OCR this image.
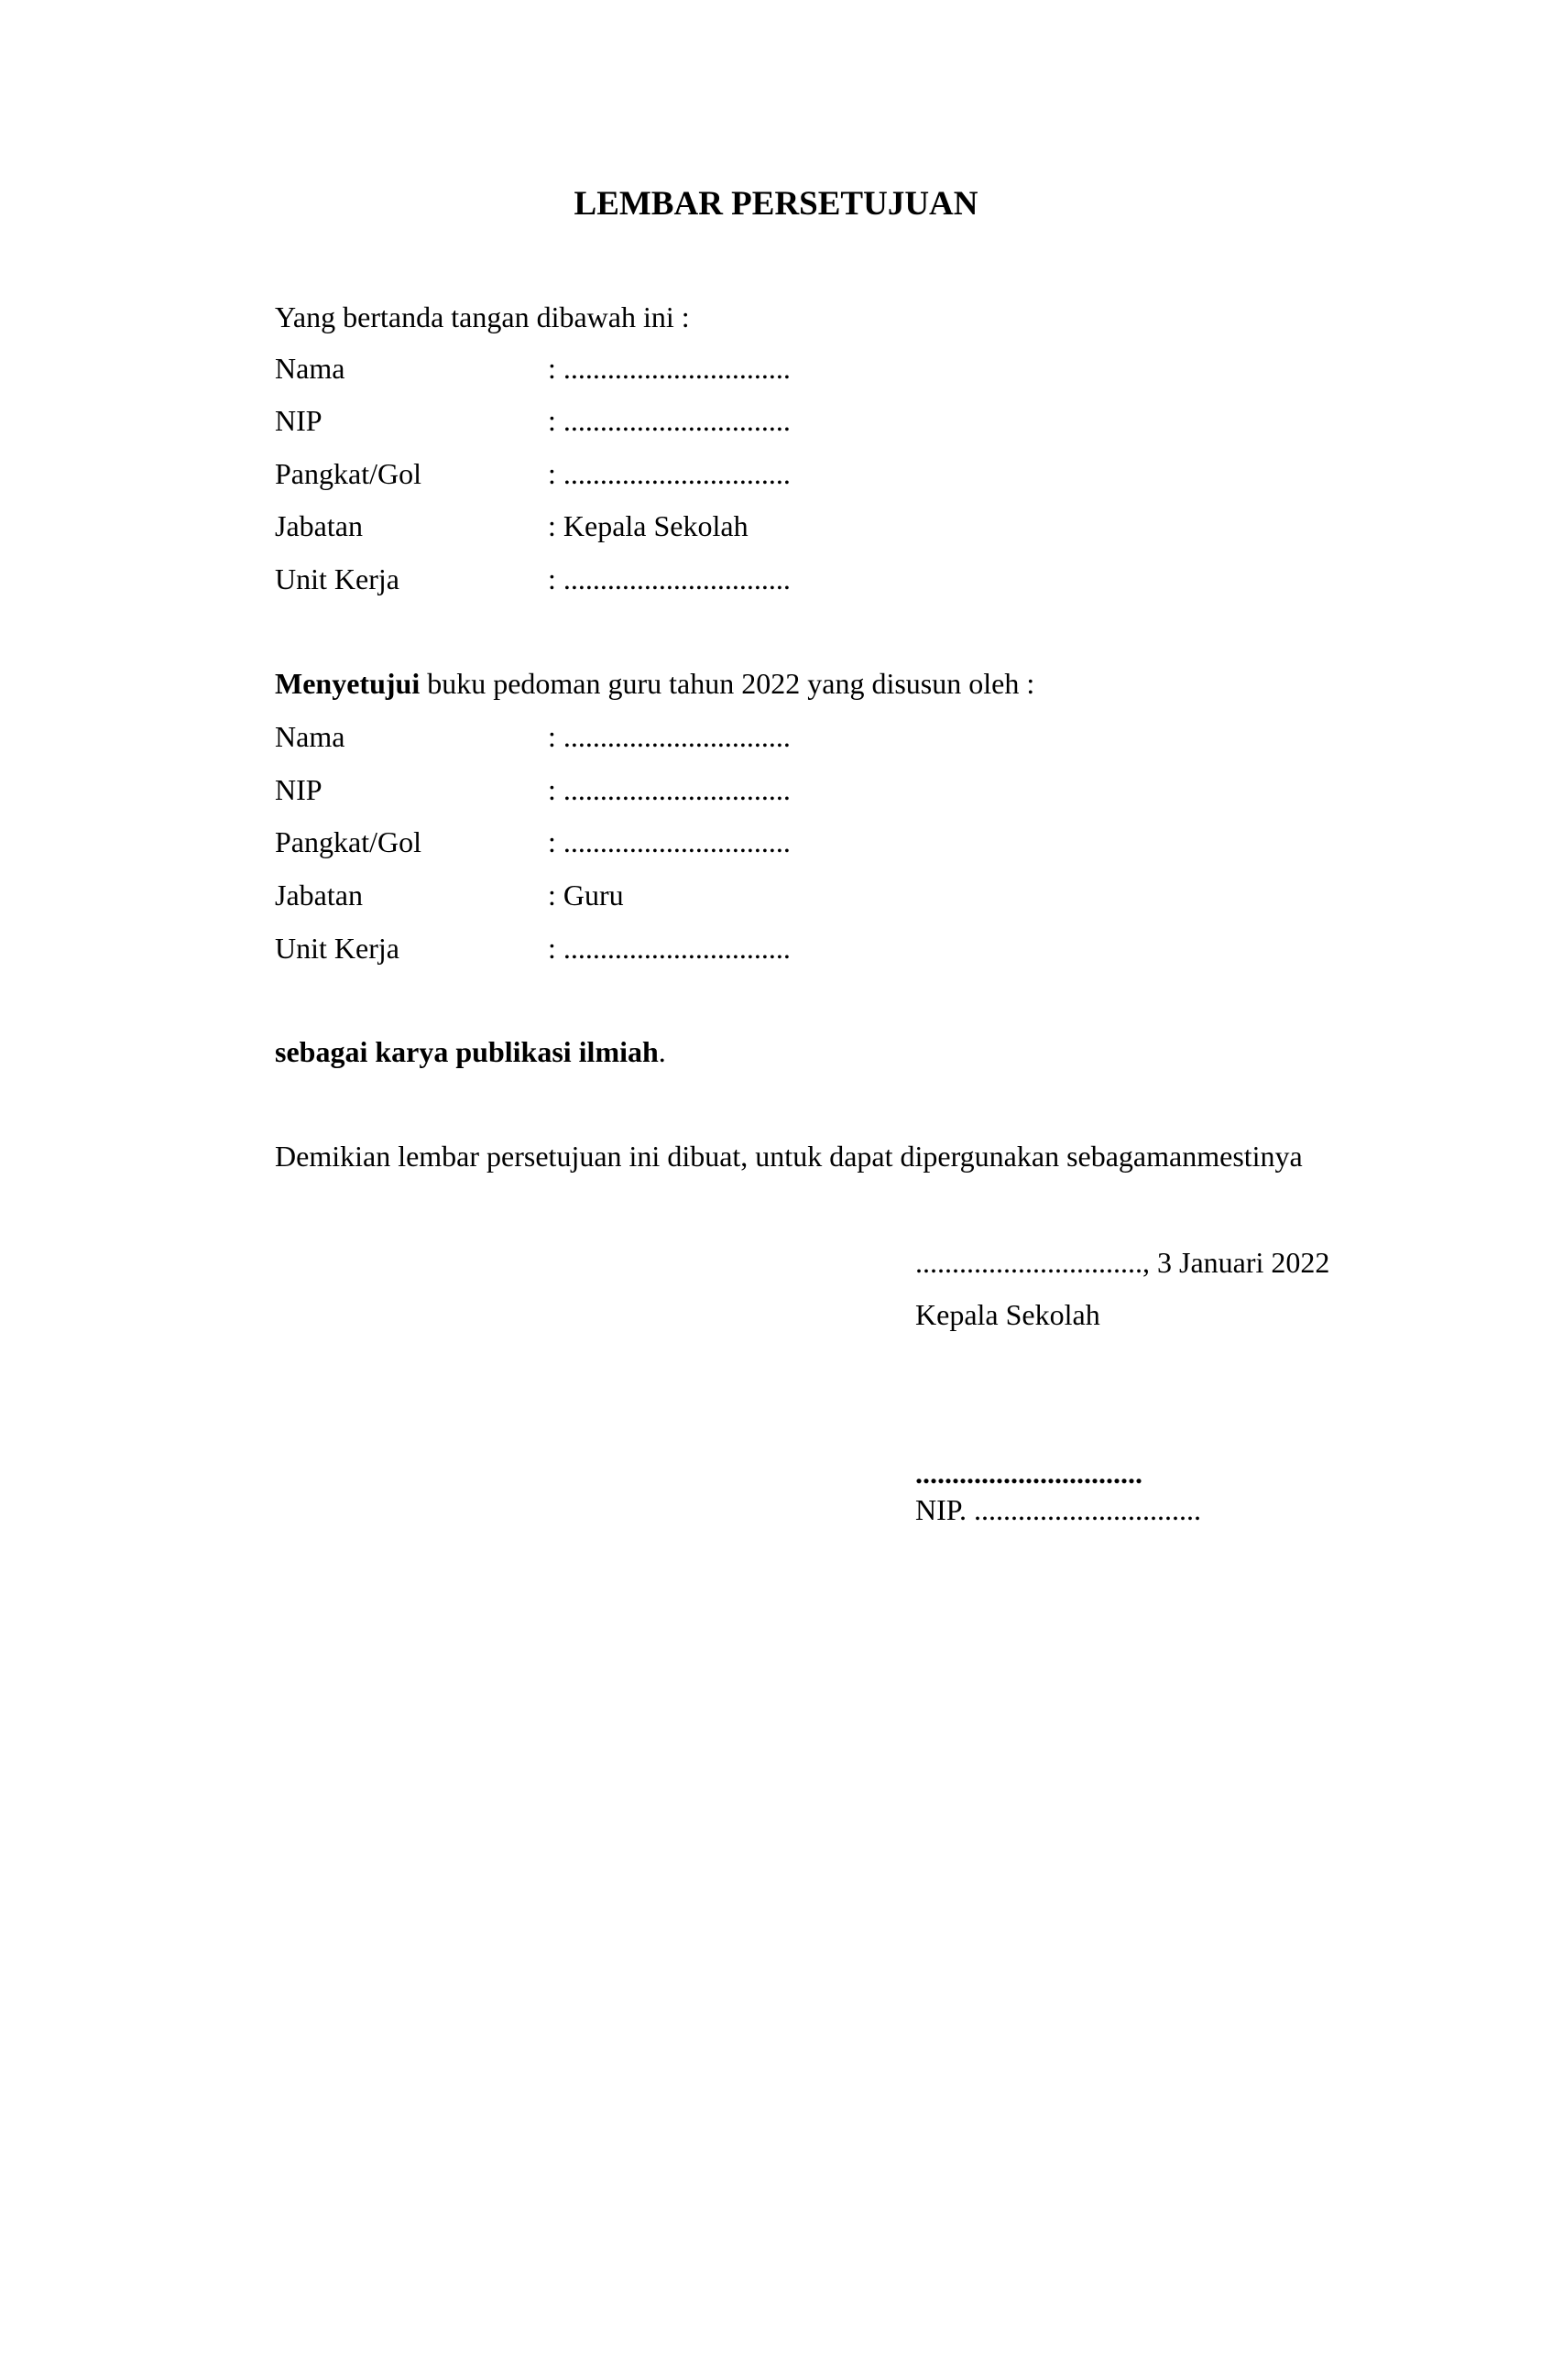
LEMBAR PERSETUJUAN
Yang bertanda tangan dibawah ini :
Nama	: ...............................
NIP	: ...............................
Pangkat/Gol	: ...............................
Jabatan	: Kepala Sekolah
Unit Kerja	: ...............................
Menyetujui buku pedoman guru tahun 2022 yang disusun oleh :
Nama	: ...............................
NIP	: ...............................
Pangkat/Gol	: ...............................
Jabatan	: Guru
Unit Kerja	: ...............................
sebagai karya publikasi ilmiah.
Demikian lembar persetujuan ini dibuat, untuk dapat dipergunakan sebagamanmestinya
..............................., 3 Januari 2022
Kepala Sekolah
...............................
NIP. ...............................
